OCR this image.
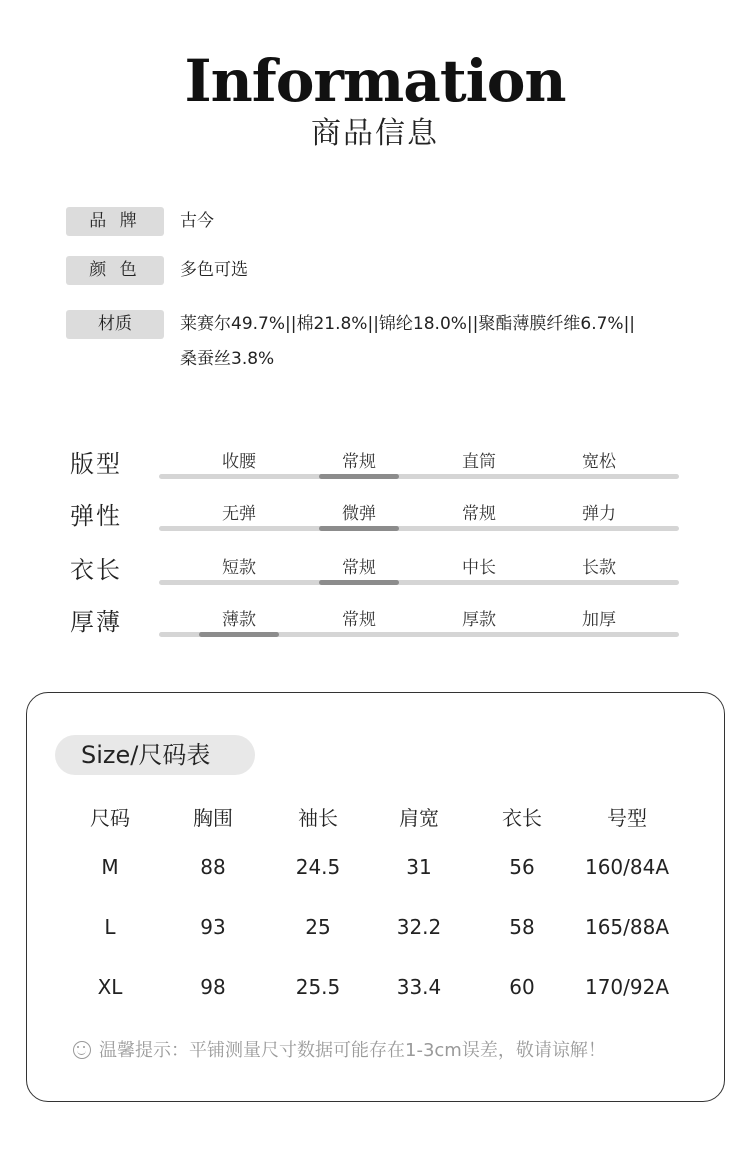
Information
商品信息
品 牌	古今
颜 色	多色可选
材质	莱赛尔49.7%||棉21.8%||锦纶18.0%||聚酯薄膜纤维6.7%||
桑蚕丝3.8%
版型	收腰	常规	直筒	宽松
弹性	无弹	微弹	常规	弹力
衣长	短款	常规	中长	长款
厚薄	薄款	常规	厚款	加厚
Size/尺码表
尺码	胸围	袖长	肩宽	衣长	号型
M	88	24.5	31	56	160/84A
L	93	25	32.2	58	165/88A
XL	98	25.5	33.4	60	170/92A
温馨提示：平铺测量尺寸数据可能存在1-3cm误差，敬请谅解！
